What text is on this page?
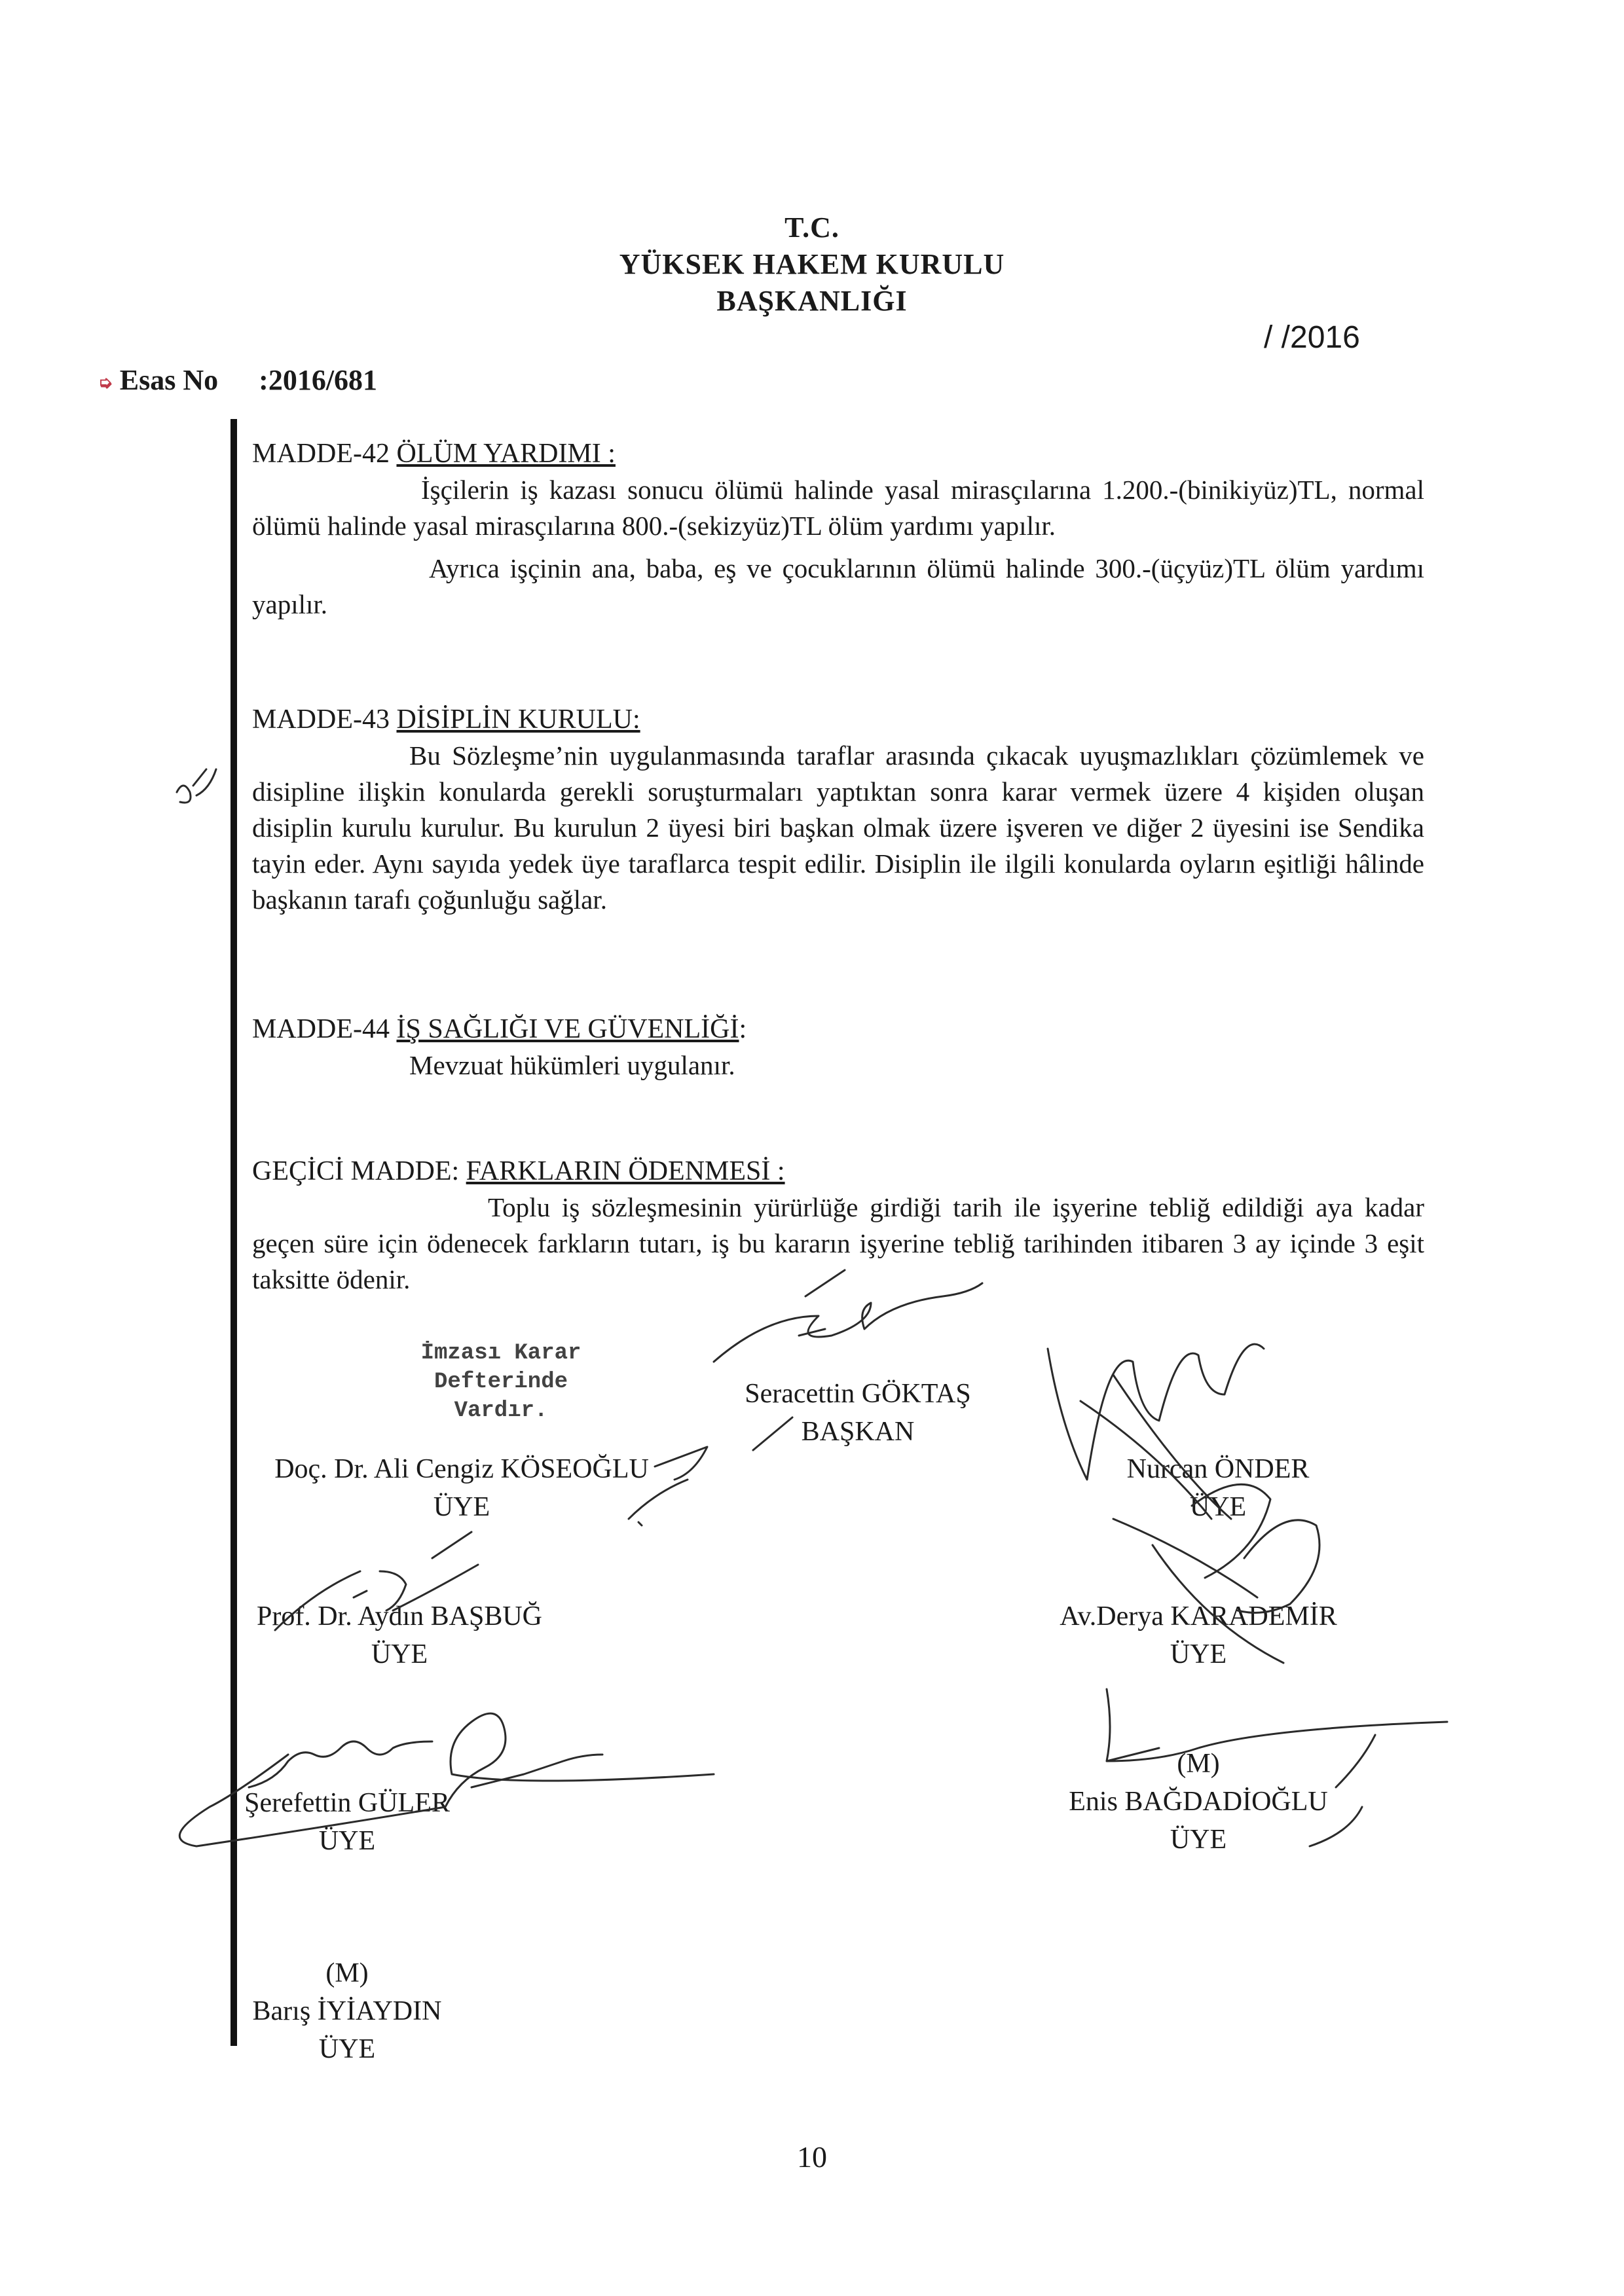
T.C.
YÜKSEK HAKEM KURULU
BAŞKANLIĞI
➭ Esas No :2016/681
/ /2016
MADDE-42 ÖLÜM YARDIMI :
İşçilerin iş kazası sonucu ölümü halinde yasal mirasçılarına 1.200.-(binikiyüz)TL, normal ölümü halinde yasal mirasçılarına 800.-(sekizyüz)TL ölüm yardımı yapılır.
Ayrıca işçinin ana, baba, eş ve çocuklarının ölümü halinde 300.-(üçyüz)TL ölüm yardımı yapılır.
MADDE-43 DİSİPLİN KURULU:
Bu Sözleşme’nin uygulanmasında taraflar arasında çıkacak uyuşmazlıkları çözümlemek ve disipline ilişkin konularda gerekli soruşturmaları yaptıktan sonra karar vermek üzere 4 kişiden oluşan disiplin kurulu kurulur. Bu kurulun 2 üyesi biri başkan olmak üzere işveren ve diğer 2 üyesini ise Sendika tayin eder. Aynı sayıda yedek üye taraflarca tespit edilir. Disiplin ile ilgili konularda oyların eşitliği hâlinde başkanın tarafı çoğunluğu sağlar.
MADDE-44 İŞ SAĞLIĞI VE GÜVENLİĞİ:
Mevzuat hükümleri uygulanır.
GEÇİCİ MADDE: FARKLARIN ÖDENMESİ :
Toplu iş sözleşmesinin yürürlüğe girdiği tarih ile işyerine tebliğ edildiği aya kadar geçen süre için ödenecek farkların tutarı, iş bu kararın işyerine tebliğ tarihinden itibaren 3 ay içinde 3 eşit taksitte ödenir.
İmzası Karar Defterinde
Vardır.
Seracettin GÖKTAŞ
BAŞKAN
Doç. Dr. Ali Cengiz KÖSEOĞLU
ÜYE
Nurcan ÖNDER
ÜYE
Prof. Dr. Aydın BAŞBUĞ
ÜYE
Av.Derya KARADEMİR
ÜYE
Şerefettin GÜLER
ÜYE
(M)
Enis BAĞDADİOĞLU
ÜYE
(M)
Barış İYİAYDIN
ÜYE
10
